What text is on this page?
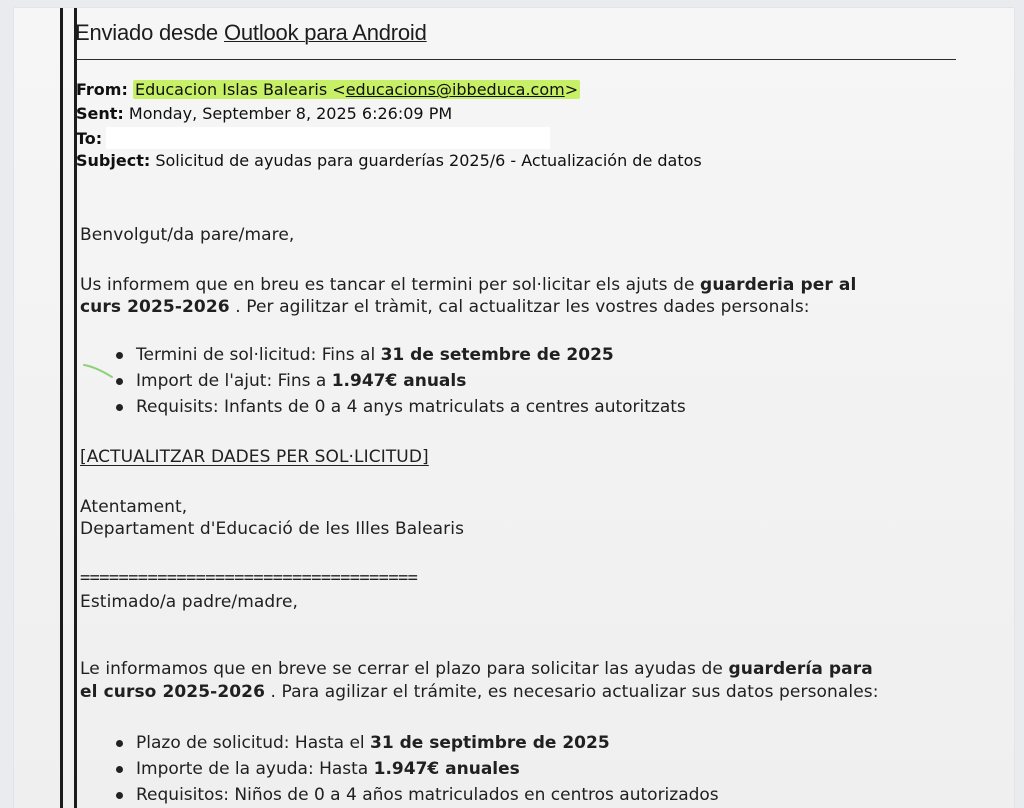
Enviado desde Outlook para Android
From: Educacion Islas Balearis <educacions@ibbeduca.com>
Sent: Monday, September 8, 2025 6:26:09 PM
To:
Subject: Solicitud de ayudas para guarderías 2025/6 - Actualización de datos
Benvolgut/da pare/mare,
Us informem que en breu es tancar el termini per sol·licitar els ajuts de guarderia per al
curs 2025-2026 . Per agilitzar el tràmit, cal actualitzar les vostres dades personals:
Termini de sol·licitud: Fins al 31 de setembre de 2025
Import de l'ajut: Fins a 1.947€ anuals
Requisits: Infants de 0 a 4 anys matriculats a centres autoritzats
[ACTUALITZAR DADES PER SOL·LICITUD]
Atentament,
Departament d'Educació de les Illes Balearis
===================================
Estimado/a padre/madre,
Le informamos que en breve se cerrar el plazo para solicitar las ayudas de guardería para
el curso 2025-2026 . Para agilizar el trámite, es necesario actualizar sus datos personales:
Plazo de solicitud: Hasta el 31 de septimbre de 2025
Importe de la ayuda: Hasta 1.947€ anuales
Requisitos: Niños de 0 a 4 años matriculados en centros autorizados
